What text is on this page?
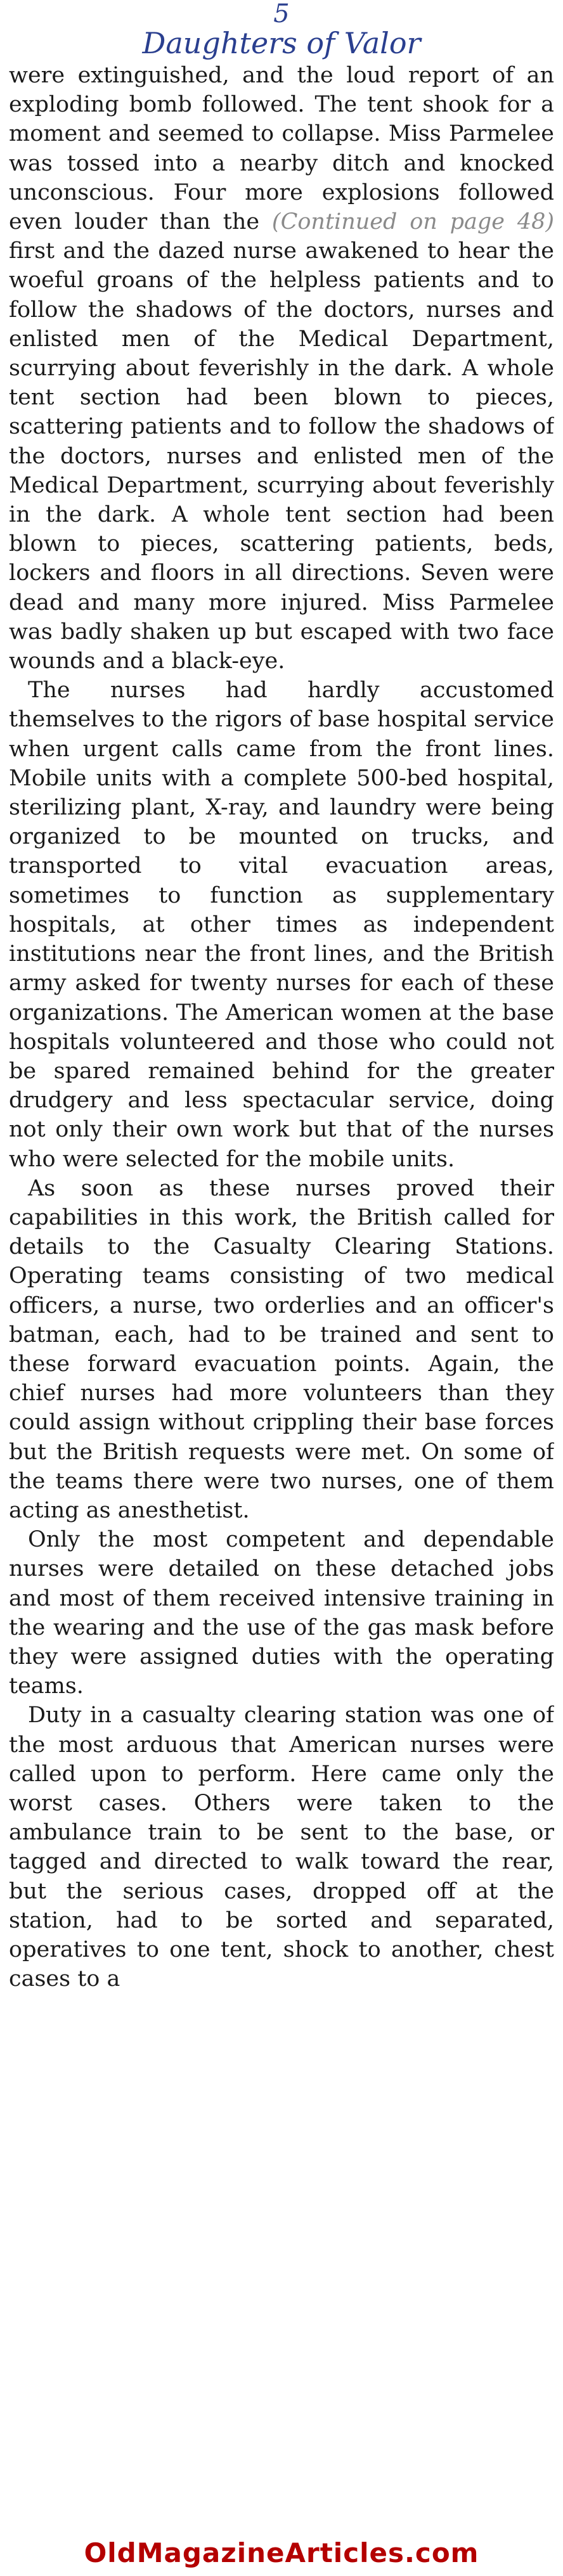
5
Daughters of Valor

were extinguished, and the loud report of an exploding bomb followed. The tent shook for a moment and seemed to collapse. Miss Parmelee was tossed into a nearby ditch and knocked unconscious. Four more explosions followed even louder than the (Continued on page 48) first and the dazed nurse awakened to hear the woeful groans of the helpless patients and to follow the shadows of the doctors, nurses and enlisted men of the Medical Department, scurrying about feverishly in the dark. A whole tent section had been blown to pieces, scattering patients and to follow the shadows of the doctors, nurses and enlisted men of the Medical Department, scurrying about feverishly in the dark. A whole tent section had been blown to pieces, scattering patients, beds, lockers and floors in all directions. Seven were dead and many more injured. Miss Parmelee was badly shaken up but escaped with two face wounds and a black-eye.

The nurses had hardly accustomed themselves to the rigors of base hospital service when urgent calls came from the front lines. Mobile units with a complete 500-bed hospital, sterilizing plant, X-ray, and laundry were being organized to be mounted on trucks, and transported to vital evacuation areas, sometimes to function as supplementary hospitals, at other times as independent institutions near the front lines, and the British army asked for twenty nurses for each of these organizations. The American women at the base hospitals volunteered and those who could not be spared remained behind for the greater drudgery and less spectacular service, doing not only their own work but that of the nurses who were selected for the mobile units.

As soon as these nurses proved their capabilities in this work, the British called for details to the Casualty Clearing Stations. Operating teams consisting of two medical officers, a nurse, two orderlies and an officer's batman, each, had to be trained and sent to these forward evacuation points. Again, the chief nurses had more volunteers than they could assign without crippling their base forces but the British requests were met. On some of the teams there were two nurses, one of them acting as anesthetist.

Only the most competent and dependable nurses were detailed on these detached jobs and most of them received intensive training in the wearing and the use of the gas mask before they were assigned duties with the operating teams.

Duty in a casualty clearing station was one of the most arduous that American nurses were called upon to perform. Here came only the worst cases. Others were taken to the ambulance train to be sent to the base, or tagged and directed to walk toward the rear, but the serious cases, dropped off at the station, had to be sorted and separated, operatives to one tent, shock to another, chest cases to a

OldMagazineArticles.com
